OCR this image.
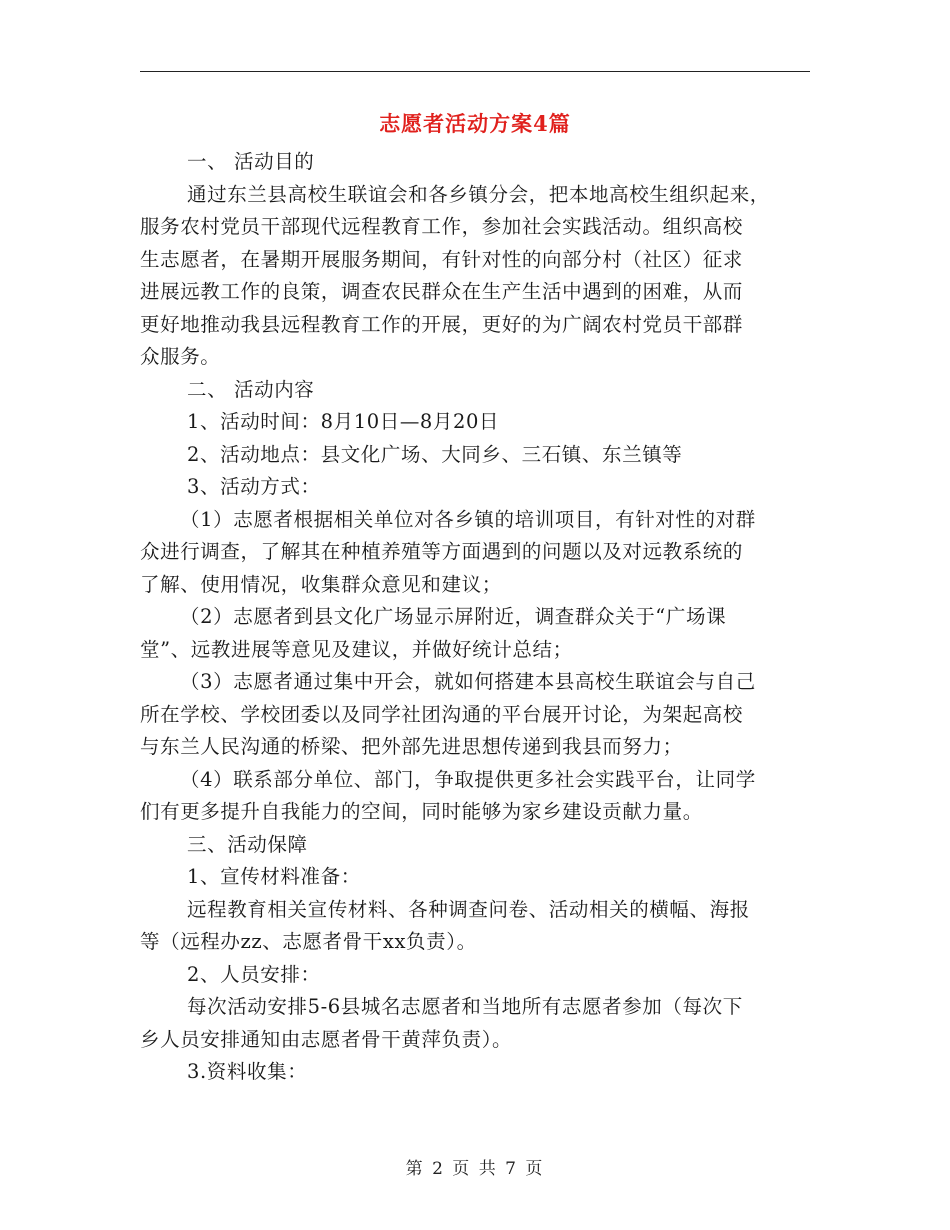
志愿者活动方案4篇
一、 活动目的
通过东兰县高校生联谊会和各乡镇分会，把本地高校生组织起来，
服务农村党员干部现代远程教育工作，参加社会实践活动。组织高校
生志愿者，在暑期开展服务期间，有针对性的向部分村（社区）征求
进展远教工作的良策，调查农民群众在生产生活中遇到的困难，从而
更好地推动我县远程教育工作的开展，更好的为广阔农村党员干部群
众服务。
二、 活动内容
1、活动时间：8月10日—8月20日
2、活动地点：县文化广场、大同乡、三石镇、东兰镇等
3、活动方式：
（1）志愿者根据相关单位对各乡镇的培训项目，有针对性的对群
众进行调查，了解其在种植养殖等方面遇到的问题以及对远教系统的
了解、使用情况，收集群众意见和建议；
（2）志愿者到县文化广场显示屏附近，调查群众关于“广场课
堂”、远教进展等意见及建议，并做好统计总结；
（3）志愿者通过集中开会，就如何搭建本县高校生联谊会与自己
所在学校、学校团委以及同学社团沟通的平台展开讨论，为架起高校
与东兰人民沟通的桥梁、把外部先进思想传递到我县而努力；
（4）联系部分单位、部门，争取提供更多社会实践平台，让同学
们有更多提升自我能力的空间，同时能够为家乡建设贡献力量。
三、活动保障
1、宣传材料准备：
远程教育相关宣传材料、各种调查问卷、活动相关的横幅、海报
等（远程办zz、志愿者骨干xx负责）。
2、人员安排：
每次活动安排5-6县城名志愿者和当地所有志愿者参加（每次下
乡人员安排通知由志愿者骨干黄萍负责）。
3.资料收集：
第 2 页 共 7 页
